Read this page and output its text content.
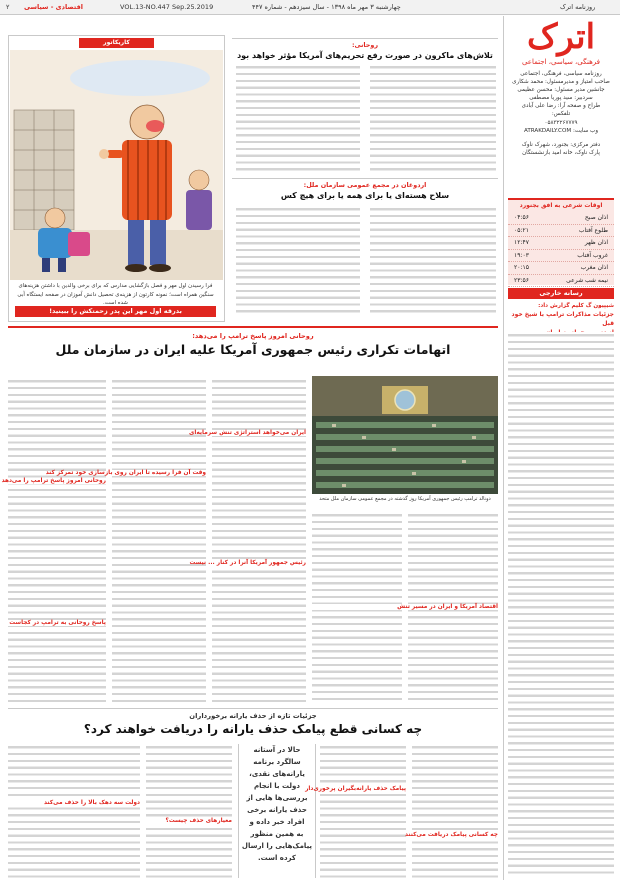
۲ اقتصادی - سیاسی	VOL.13-NO.447 Sep.25.2019	چهارشنبه ۳ مهر ماه ۱۳۹۸ - سال سیزدهم - شماره ۴۴۷	روزنامه اترک
اترک
فرهنگی، سیاسی، اجتماعی
روزنامه سیاسی، فرهنگی، اجتماعی
صاحب امتیاز و مدیرمسئول: محمد شکاری
جانشین مدیر مسئول: محسن عظیمی
سردبیر: سید پوریا مصطفی
طراح و صفحه آرا: رضا علی آبادی
تلفکس:
۰۵۸۳۲۲۶۷۷۷۹
وب سایت: ATRAKDAILY.COM
دفتر مرکزی: بجنورد، شهرک ناوک
پارک ناوک، خانه امید بازنشستگان
اوقات شرعی به افق بجنورد
اذان صبح
۰۴:۵۶
طلوع آفتاب
۰۵:۲۱
اذان ظهر
۱۲:۴۷
غروب آفتاب
۱۹:۰۳
اذان مغرب
۲۰:۱۵
نیمه شب شرعی
۲۳:۵۶
رسانه خارجی
شیپیون گ کلیم گزارش داد:
جزئیات مذاکرات ترامپ با شیخ خود قبل
کاریکاتور
فرا رسیدن اول مهر و فصل بازگشایی مدارس که برای برخی والدین با داشتن هزینه‌های سنگین همراه است؛ نمونه کارتون از هزینه‌ی تحصیل دانش آموزان در صفحه ایستگاه آبی شده است.
بدرقه اول مهر این پدر زحمتکش را ببینید!
روحانی:
تلاش‌های ماکرون در صورت رفع تحریم‌های آمریکا مؤثر خواهد بود
اردوغان در مجمع عمومی سازمان ملل:
سلاح هسته‌ای یا برای همه یا برای هیچ کس
روحانی امروز پاسخ ترامپ را می‌دهد:
اتهامات تکراری رئیس جمهوری آمریکا علیه ایران در سازمان ملل
دونالد ترامپ رئیس جمهوری آمریکا روز گذشته در مجمع عمومی سازمان ملل متحد
ایران می‌خواهد استراتژی تنش سرمایه‌ای
رئیس جمهور آمریکا آنرا در کنار ... نیست
وقت آن فرا رسیده تا ایران روی بازسازی خود تمرکز کند
اقتصاد آمریکا و ایران در مسیر تنش
روحانی امروز پاسخ ترامپ را می‌دهد
پاسخ روحانی به ترامپ در کجاست
جزئیات تازه از حذف یارانه برخورداران
چه کسانی قطع پیامک حذف یارانه را دریافت خواهند کرد؟
حالا در آستانه
سالگرد برنامه
یارانه‌های نقدی،
دولت با انجام
بررسی‌ها هایی از
حذف یارانه برخی
افراد خبر داده و
به همین منظور
پیامک‌هایی را ارسال
کرده است.
پیامک حذف یارانه‌بگیران پرخوری‌دار
معیارهای حذف چیست؟
دولت سه دهک بالا را حذف می‌کند
چه کسانی پیامک دریافت می‌کنند
